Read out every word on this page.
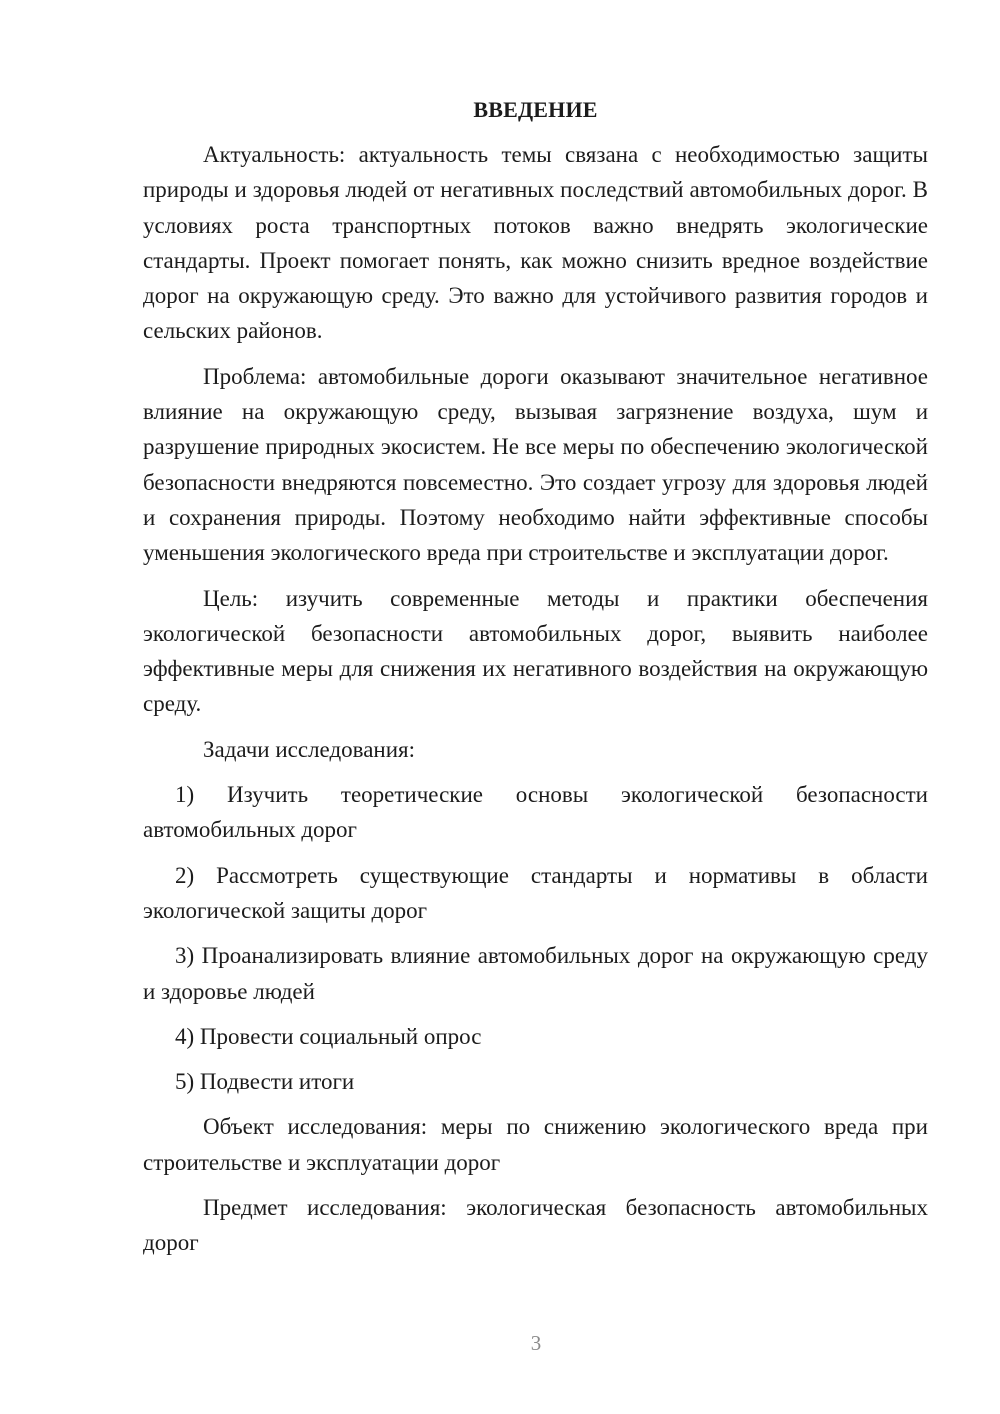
ВВЕДЕНИЕ

Актуальность: актуальность темы связана с необходимостью защиты природы и здоровья людей от негативных последствий автомобильных дорог. В условиях роста транспортных потоков важно внедрять экологические стандарты. Проект помогает понять, как можно снизить вредное воздействие дорог на окружающую среду. Это важно для устойчивого развития городов и сельских районов.

Проблема: автомобильные дороги оказывают значительное негативное влияние на окружающую среду, вызывая загрязнение воздуха, шум и разрушение природных экосистем. Не все меры по обеспечению экологической безопасности внедряются повсеместно. Это создает угрозу для здоровья людей и сохранения природы. Поэтому необходимо найти эффективные способы уменьшения экологического вреда при строительстве и эксплуатации дорог.

Цель: изучить современные методы и практики обеспечения экологической безопасности автомобильных дорог, выявить наиболее эффективные меры для снижения их негативного воздействия на окружающую среду.

Задачи исследования:

1) Изучить теоретические основы экологической безопасности автомобильных дорог

2) Рассмотреть существующие стандарты и нормативы в области экологической защиты дорог

3) Проанализировать влияние автомобильных дорог на окружающую среду и здоровье людей

4) Провести социальный опрос

5) Подвести итоги

Объект исследования: меры по снижению экологического вреда при строительстве и эксплуатации дорог

Предмет исследования: экологическая безопасность автомобильных дорог

3
